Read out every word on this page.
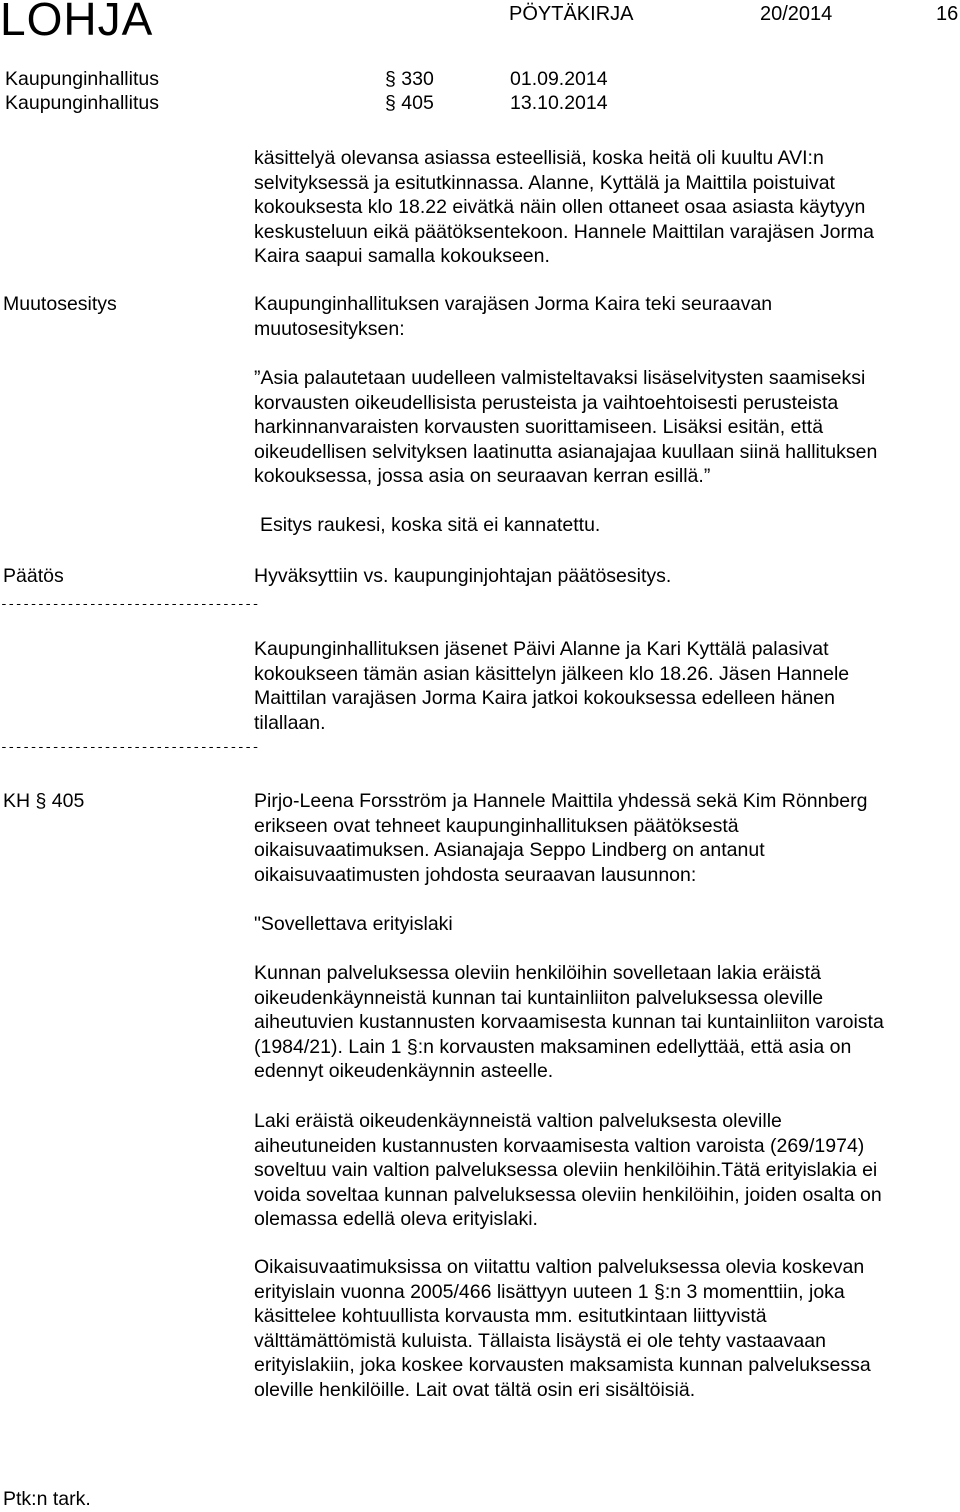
LOHJA	PÖYTÄKIRJA	20/2014	16
Kaupunginhallitus	§ 330	01.09.2014
Kaupunginhallitus	§ 405	13.10.2014

käsittelyä olevansa asiassa esteellisiä, koska heitä oli kuultu AVI:n

selvityksessä ja esitutkinnassa. Alanne, Kyttälä ja Maittila poistuivat

kokouksesta klo 18.22 eivätkä näin ollen ottaneet osaa asiasta käytyyn

keskusteluun eikä päätöksentekoon. Hannele Maittilan varajäsen Jorma

Kaira saapui samalla kokoukseen.

Muutosesitys	Kaupunginhallituksen varajäsen Jorma Kaira teki seuraavan

muutosesityksen:

”Asia palautetaan uudelleen valmisteltavaksi lisäselvitysten saamiseksi

korvausten oikeudellisista perusteista ja vaihtoehtoisesti perusteista

harkinnanvaraisten korvausten suorittamiseen. Lisäksi esitän, että

oikeudellisen selvityksen laatinutta asianajajaa kuullaan siinä hallituksen

kokouksessa, jossa asia on seuraavan kerran esillä.”

Esitys raukesi, koska sitä ei kannatettu.
Päätös	Hyväksyttiin vs. kaupunginjohtajan päätösesitys.
-----------------------------------

Kaupunginhallituksen jäsenet Päivi Alanne ja Kari Kyttälä palasivat

kokoukseen tämän asian käsittelyn jälkeen klo 18.26. Jäsen Hannele

Maittilan varajäsen Jorma Kaira jatkoi kokouksessa edelleen hänen

tilallaan.

-----------------------------------
KH § 405	Pirjo-Leena Forsström ja Hannele Maittila yhdessä sekä Kim Rönnberg

erikseen ovat tehneet kaupunginhallituksen päätöksestä

oikaisuvaatimuksen. Asianajaja Seppo Lindberg on antanut

oikaisuvaatimusten johdosta seuraavan lausunnon:

"Sovellettava erityislaki

Kunnan palveluksessa oleviin henkilöihin sovelletaan lakia eräistä

oikeudenkäynneistä kunnan tai kuntainliiton palveluksessa oleville

aiheutuvien kustannusten korvaamisesta kunnan tai kuntainliiton varoista

(1984/21). Lain 1 §:n korvausten maksaminen edellyttää, että asia on

edennyt oikeudenkäynnin asteelle.

Laki eräistä oikeudenkäynneistä valtion palveluksesta oleville

aiheutuneiden kustannusten korvaamisesta valtion varoista (269/1974)

soveltuu vain valtion palveluksessa oleviin henkilöihin.Tätä erityislakia ei

voida soveltaa kunnan palveluksessa oleviin henkilöihin, joiden osalta on

olemassa edellä oleva erityislaki.

Oikaisuvaatimuksissa on viitattu valtion palveluksessa olevia koskevan

erityislain vuonna 2005/466 lisättyyn uuteen 1 §:n 3 momenttiin, joka

käsittelee kohtuullista korvausta mm. esitutkintaan liittyvistä

välttämättömistä kuluista. Tällaista lisäystä ei ole tehty vastaavaan

erityislakiin, joka koskee korvausten maksamista kunnan palveluksessa

oleville henkilöille. Lait ovat tältä osin eri sisältöisiä.

Ptk:n tark.
